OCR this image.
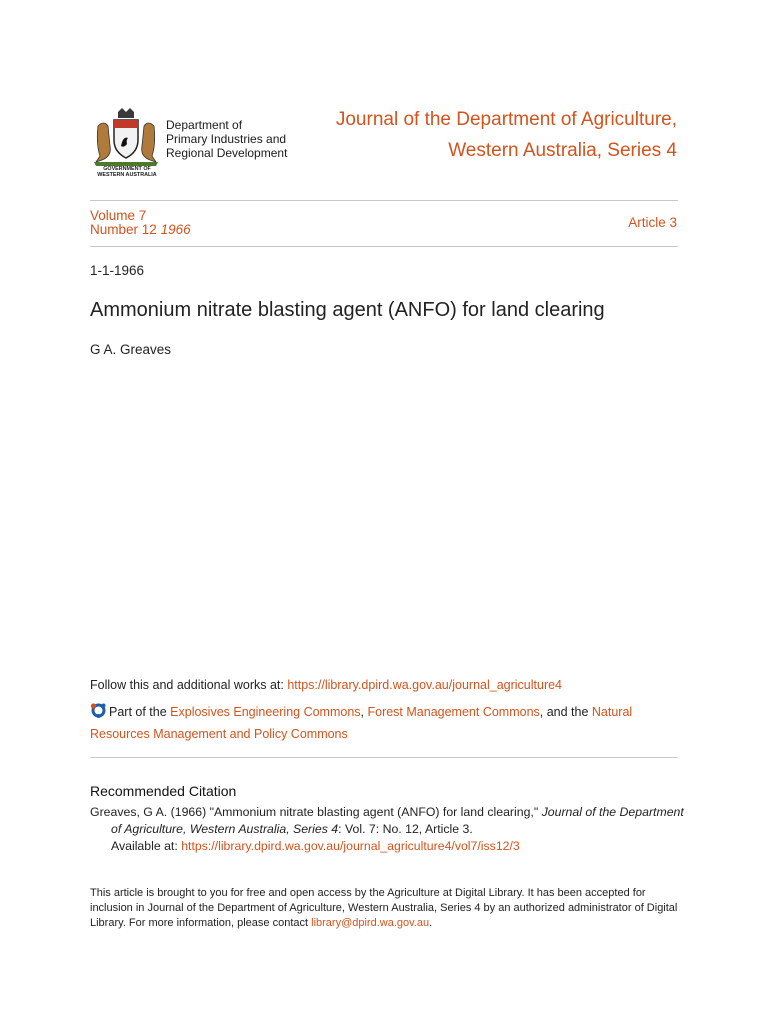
Department of
Primary Industries and
Regional Development
GOVERNMENT OF
WESTERN AUSTRALIA
Journal of the Department of Agriculture,
Western Australia, Series 4
Volume 7
Number 12 1966	Article 3
1-1-1966
Ammonium nitrate blasting agent (ANFO) for land clearing
G A. Greaves
Follow this and additional works at: https://library.dpird.wa.gov.au/journal_agriculture4
Part of the Explosives Engineering Commons, Forest Management Commons, and the Natural Resources Management and Policy Commons
Recommended Citation
Greaves, G A. (1966) "Ammonium nitrate blasting agent (ANFO) for land clearing," Journal of the Department
of Agriculture, Western Australia, Series 4: Vol. 7: No. 12, Article 3.
Available at: https://library.dpird.wa.gov.au/journal_agriculture4/vol7/iss12/3
This article is brought to you for free and open access by the Agriculture at Digital Library. It has been accepted for inclusion in Journal of the Department of Agriculture, Western Australia, Series 4 by an authorized administrator of Digital Library. For more information, please contact library@dpird.wa.gov.au.
